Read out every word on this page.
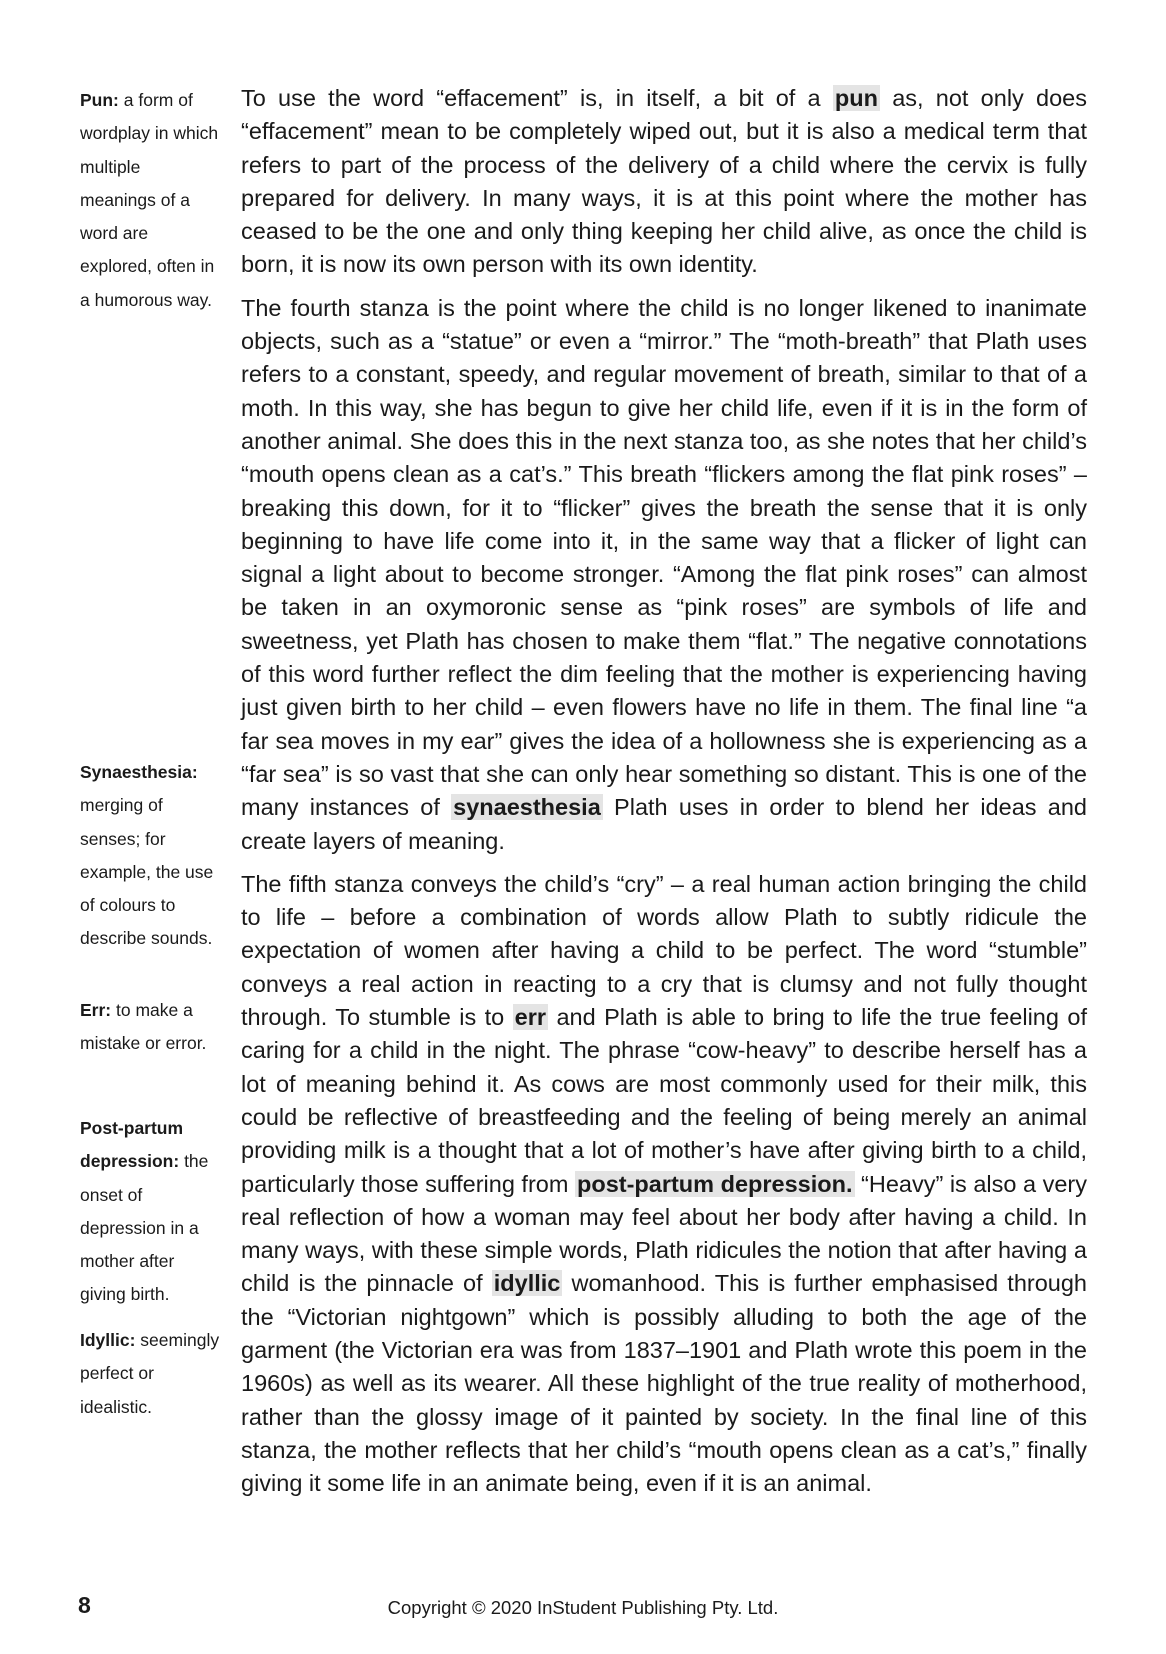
Pun: a form of wordplay in which multiple meanings of a word are explored, often in a humorous way.

Synaesthesia: merging of senses; for example, the use of colours to describe sounds.

Err: to make a mistake or error.

Post-partum depression: the onset of depression in a mother after giving birth.

Idyllic: seemingly perfect or idealistic.

To use the word “effacement” is, in itself, a bit of a pun as, not only does “effacement” mean to be completely wiped out, but it is also a medical term that refers to part of the process of the delivery of a child where the cervix is fully prepared for delivery. In many ways, it is at this point where the mother has ceased to be the one and only thing keeping her child alive, as once the child is born, it is now its own person with its own identity.

The fourth stanza is the point where the child is no longer likened to inanimate objects, such as a “statue” or even a “mirror.” The “moth-breath” that Plath uses refers to a constant, speedy, and regular movement of breath, similar to that of a moth. In this way, she has begun to give her child life, even if it is in the form of another animal. She does this in the next stanza too, as she notes that her child’s “mouth opens clean as a cat’s.” This breath “flickers among the flat pink roses” – breaking this down, for it to “flicker” gives the breath the sense that it is only beginning to have life come into it, in the same way that a flicker of light can signal a light about to become stronger. “Among the flat pink roses” can almost be taken in an oxymoronic sense as “pink roses” are symbols of life and sweetness, yet Plath has chosen to make them “flat.” The negative connotations of this word further reflect the dim feeling that the mother is experiencing having just given birth to her child – even flowers have no life in them. The final line “a far sea moves in my ear” gives the idea of a hollowness she is experiencing as a “far sea” is so vast that she can only hear something so distant. This is one of the many instances of synaesthesia Plath uses in order to blend her ideas and create layers of meaning.

The fifth stanza conveys the child’s “cry” – a real human action bringing the child to life – before a combination of words allow Plath to subtly ridicule the expectation of women after having a child to be perfect. The word “stumble” conveys a real action in reacting to a cry that is clumsy and not fully thought through. To stumble is to err and Plath is able to bring to life the true feeling of caring for a child in the night. The phrase “cow-heavy” to describe herself has a lot of meaning behind it. As cows are most commonly used for their milk, this could be reflective of breastfeeding and the feeling of being merely an animal providing milk is a thought that a lot of mother’s have after giving birth to a child, particularly those suffering from post-partum depression. “Heavy” is also a very real reflection of how a woman may feel about her body after having a child. In many ways, with these simple words, Plath ridicules the notion that after having a child is the pinnacle of idyllic womanhood. This is further emphasised through the “Victorian nightgown” which is possibly alluding to both the age of the garment (the Victorian era was from 1837–1901 and Plath wrote this poem in the 1960s) as well as its wearer. All these highlight of the true reality of motherhood, rather than the glossy image of it painted by society. In the final line of this stanza, the mother reflects that her child’s “mouth opens clean as a cat’s,” finally giving it some life in an animate being, even if it is an animal.

8	Copyright © 2020 InStudent Publishing Pty. Ltd.
